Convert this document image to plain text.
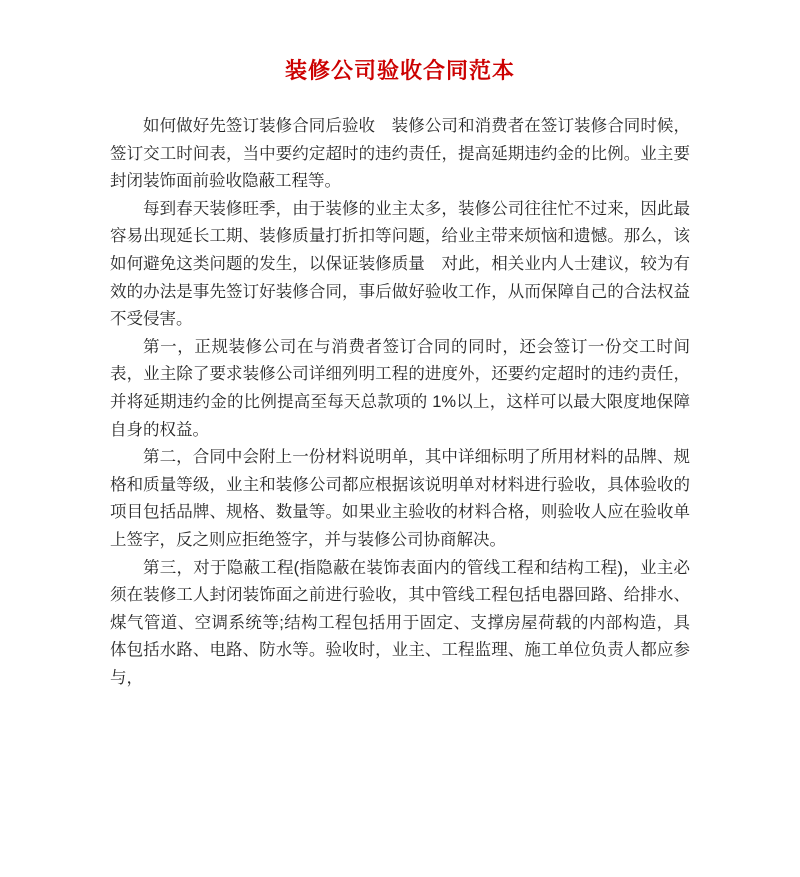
装修公司验收合同范本

如何做好先签订装修合同后验收　装修公司和消费者在签订装修合同时候，签订交工时间表，当中要约定超时的违约责任，提高延期违约金的比例。业主要封闭装饰面前验收隐蔽工程等。

每到春天装修旺季，由于装修的业主太多，装修公司往往忙不过来，因此最容易出现延长工期、装修质量打折扣等问题，给业主带来烦恼和遗憾。那么，该如何避免这类问题的发生，以保证装修质量　对此，相关业内人士建议，较为有效的办法是事先签订好装修合同，事后做好验收工作，从而保障自己的合法权益不受侵害。

第一，正规装修公司在与消费者签订合同的同时，还会签订一份交工时间表，业主除了要求装修公司详细列明工程的进度外，还要约定超时的违约责任，并将延期违约金的比例提高至每天总款项的 1%以上，这样可以最大限度地保障自身的权益。

第二，合同中会附上一份材料说明单，其中详细标明了所用材料的品牌、规格和质量等级，业主和装修公司都应根据该说明单对材料进行验收，具体验收的项目包括品牌、规格、数量等。如果业主验收的材料合格，则验收人应在验收单上签字，反之则应拒绝签字，并与装修公司协商解决。

第三，对于隐蔽工程(指隐蔽在装饰表面内的管线工程和结构工程)，业主必须在装修工人封闭装饰面之前进行验收，其中管线工程包括电器回路、给排水、煤气管道、空调系统等;结构工程包括用于固定、支撑房屋荷载的内部构造，具体包括水路、电路、防水等。验收时，业主、工程监理、施工单位负责人都应参与，
